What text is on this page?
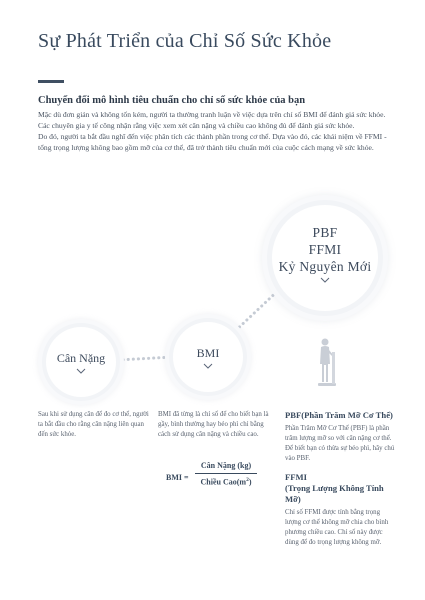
Sự Phát Triển của Chỉ Số Sức Khỏe
Chuyển đổi mô hình tiêu chuẩn cho chỉ số sức khỏe của bạn

Mặc dù đơn giản và không tốn kém, người ta thường tranh luận về việc dựa trên chỉ số BMI để đánh giá sức khỏe.

Các chuyên gia y tế công nhận rằng việc xem xét cân nặng và chiều cao không đủ để đánh giá sức khỏe.

Do đó, người ta bắt đầu nghĩ đến việc phân tích các thành phần trong cơ thể. Dựa vào đó, các khái niệm về FFMI - tổng trọng lượng không bao gồm mỡ của cơ thể, đã trở thành tiêu chuẩn mới của cuộc cách mạng về sức khỏe.

PBF
FFMI
Kỷ Nguyên Mới
Cân Nặng	BMI

Sau khi sử dụng cân để đo cơ thể, người ta bắt đầu cho rằng cân nặng liên quan đến sức khỏe.

BMI đã từng là chỉ số để cho biết bạn là gầy, bình thường hay béo phì chỉ bằng cách sử dụng cân nặng và chiều cao.

BMI =
Cân Nặng (kg)
Chiều $Cao(m^2)$

PBF(Phần Trăm Mỡ Cơ Thể)

Phần Trăm Mỡ Cơ Thể (PBF) là phần trăm lượng mỡ so với cân nặng cơ thể. Để biết bạn có thừa sự béo phì, hãy chú vào PBF.

FFMI

(Trọng Lượng Không Tính Mỡ)

Chỉ số FFMI được tính bằng trọng lượng cơ thể không mỡ chia cho bình phương chiều cao. Chỉ số này được dùng để đo trọng lượng không mỡ.
